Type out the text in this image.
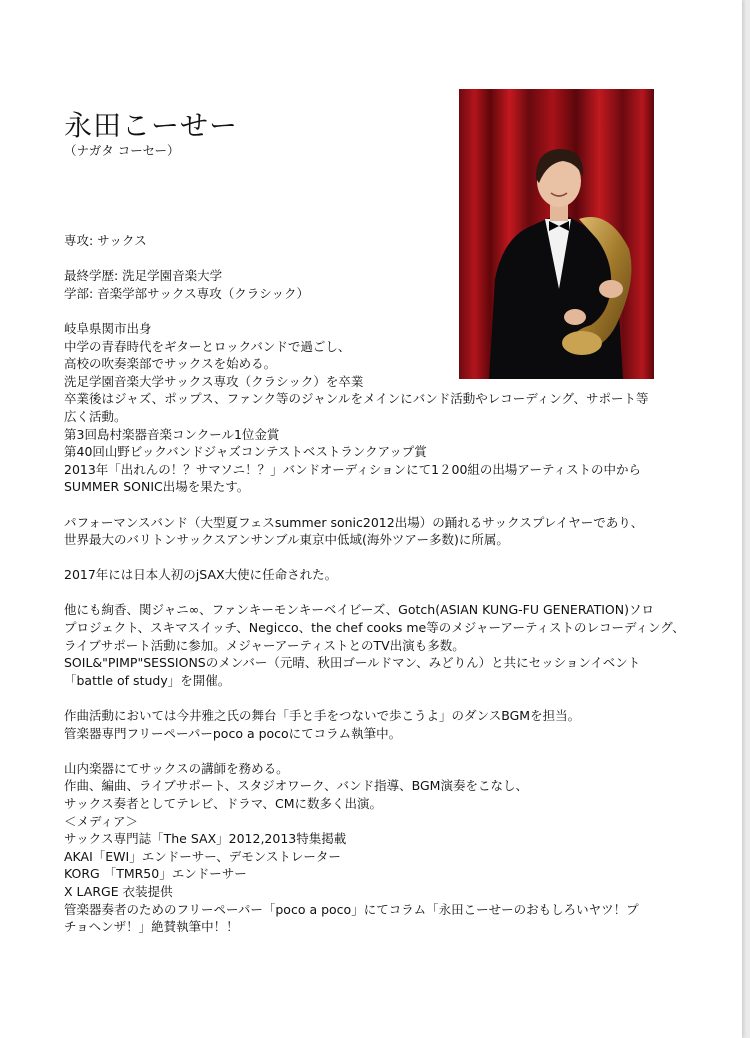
永田こーせー
（ナガタ コーセー）
専攻: サックス
最終学歴: 洗足学園音楽大学
学部: 音楽学部サックス専攻（クラシック）
岐阜県関市出身
中学の青春時代をギターとロックバンドで過ごし、
高校の吹奏楽部でサックスを始める。
洗足学園音楽大学サックス専攻（クラシック）を卒業
卒業後はジャズ、ポップス、ファンク等のジャンルをメインにバンド活動やレコーディング、サポート等
広く活動。
第3回島村楽器音楽コンクール1位金賞
第40回山野ビックバンドジャズコンテストベストランクアップ賞
2013年「出れんの！？サマソニ！？」バンドオーディションにて1２00組の出場アーティストの中から
SUMMER SONIC出場を果たす。
パフォーマンスバンド（大型夏フェスsummer sonic2012出場）の踊れるサックスプレイヤーであり、
世界最大のバリトンサックスアンサンブル東京中低域(海外ツアー多数)に所属。
2017年には日本人初のjSAX大使に任命された。
他にも絢香、関ジャニ∞、ファンキーモンキーベイビーズ、Gotch(ASIAN KUNG-FU GENERATION)ソロ
プロジェクト、スキマスイッチ、Negicco、the chef cooks me等のメジャーアーティストのレコーディング、
ライブサポート活動に参加。メジャーアーティストとのTV出演も多数。
SOIL&"PIMP"SESSIONSのメンバー（元晴、秋田ゴールドマン、みどりん）と共にセッションイベント
「battle of study」を開催。
作曲活動においては今井雅之氏の舞台「手と手をつないで歩こうよ」のダンスBGMを担当。
管楽器専門フリーペーパーpoco a pocoにてコラム執筆中。
山内楽器にてサックスの講師を務める。
作曲、編曲、ライブサポート、スタジオワーク、バンド指導、BGM演奏をこなし、
サックス奏者としてテレビ、ドラマ、CMに数多く出演。
＜メディア＞
サックス専門誌「The SAX」2012,2013特集掲載
AKAI「EWI」エンドーサー、デモンストレーター
KORG 「TMR50」エンドーサー
X LARGE 衣装提供
管楽器奏者のためのフリーペーパー「poco a poco」にてコラム「永田こーせーのおもしろいヤツ！プ
チョヘンザ！」絶賛執筆中！！
